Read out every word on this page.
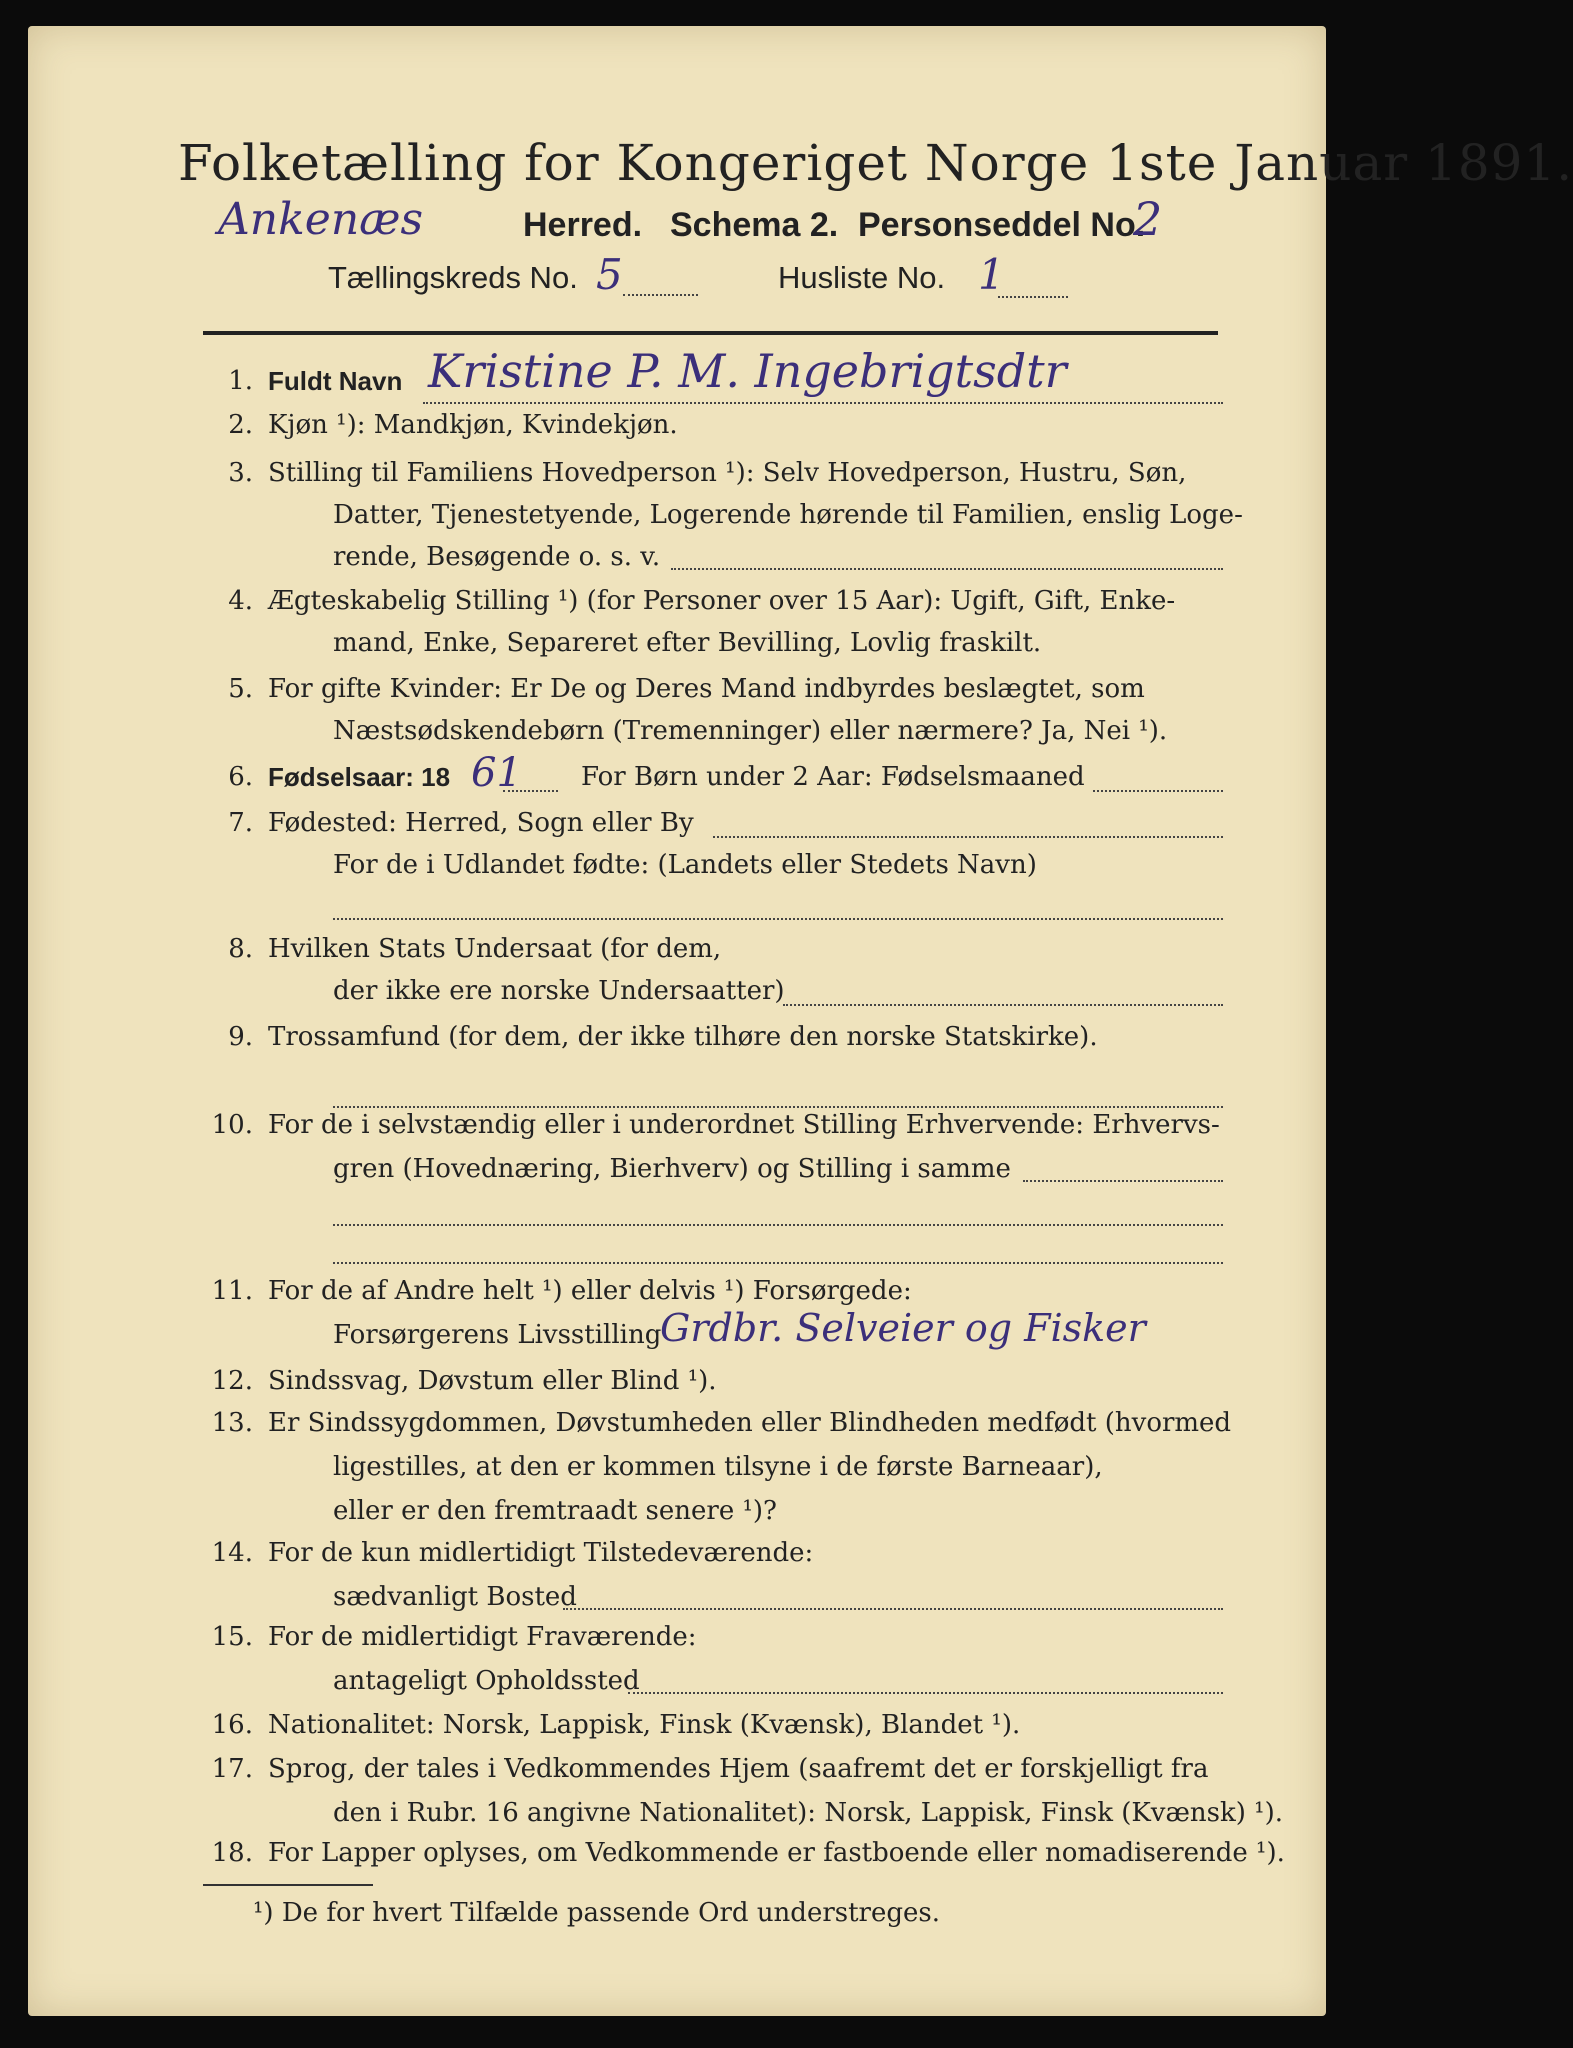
Folketælling for Kongeriget Norge 1ste Januar 1891.
Ankenæs	Herred. Schema 2. Personseddel No.
2
Tællingskreds No. 5	Husliste No. 1
1. Fuldt Navn Kristine P. M. Ingebrigtsdtr
2. Kjøn ¹): Mandkjøn, Kvindekjøn.
3. Stilling til Familiens Hovedperson ¹): Selv Hovedperson, Hustru, Søn,
Datter, Tjenestetyende, Logerende hørende til Familien, enslig Loge-
rende, Besøgende o. s. v.
4. Ægteskabelig Stilling ¹) (for Personer over 15 Aar): Ugift, Gift, Enke-
mand, Enke, Separeret efter Bevilling, Lovlig fraskilt.
5. For gifte Kvinder: Er De og Deres Mand indbyrdes beslægtet, som
Næstsødskendebørn (Tremenninger) eller nærmere? Ja, Nei ¹).
6. Fødselsaar: 18 61 For Børn under 2 Aar: Fødselsmaaned
7. Fødested: Herred, Sogn eller By
For de i Udlandet fødte: (Landets eller Stedets Navn)
8. Hvilken Stats Undersaat (for dem,
der ikke ere norske Undersaatter)
9. Trossamfund (for dem, der ikke tilhøre den norske Statskirke).
10. For de i selvstændig eller i underordnet Stilling Erhvervende: Erhvervs-
gren (Hovednæring, Bierhverv) og Stilling i samme
11. For de af Andre helt ¹) eller delvis ¹) Forsørgede:
Forsørgerens Livsstilling
Grdbr. Selveier og Fisker
12. Sindssvag, Døvstum eller Blind ¹).
13. Er Sindssygdommen, Døvstumheden eller Blindheden medfødt (hvormed
ligestilles, at den er kommen tilsyne i de første Barneaar),
eller er den fremtraadt senere ¹)?
14. For de kun midlertidigt Tilstedeværende:
sædvanligt Bosted
15. For de midlertidigt Fraværende:
antageligt Opholdssted
16. Nationalitet: Norsk, Lappisk, Finsk (Kvænsk), Blandet ¹).
17. Sprog, der tales i Vedkommendes Hjem (saafremt det er forskjelligt fra
den i Rubr. 16 angivne Nationalitet): Norsk, Lappisk, Finsk (Kvænsk) ¹).
18. For Lapper oplyses, om Vedkommende er fastboende eller nomadiserende ¹).
¹) De for hvert Tilfælde passende Ord understreges.
